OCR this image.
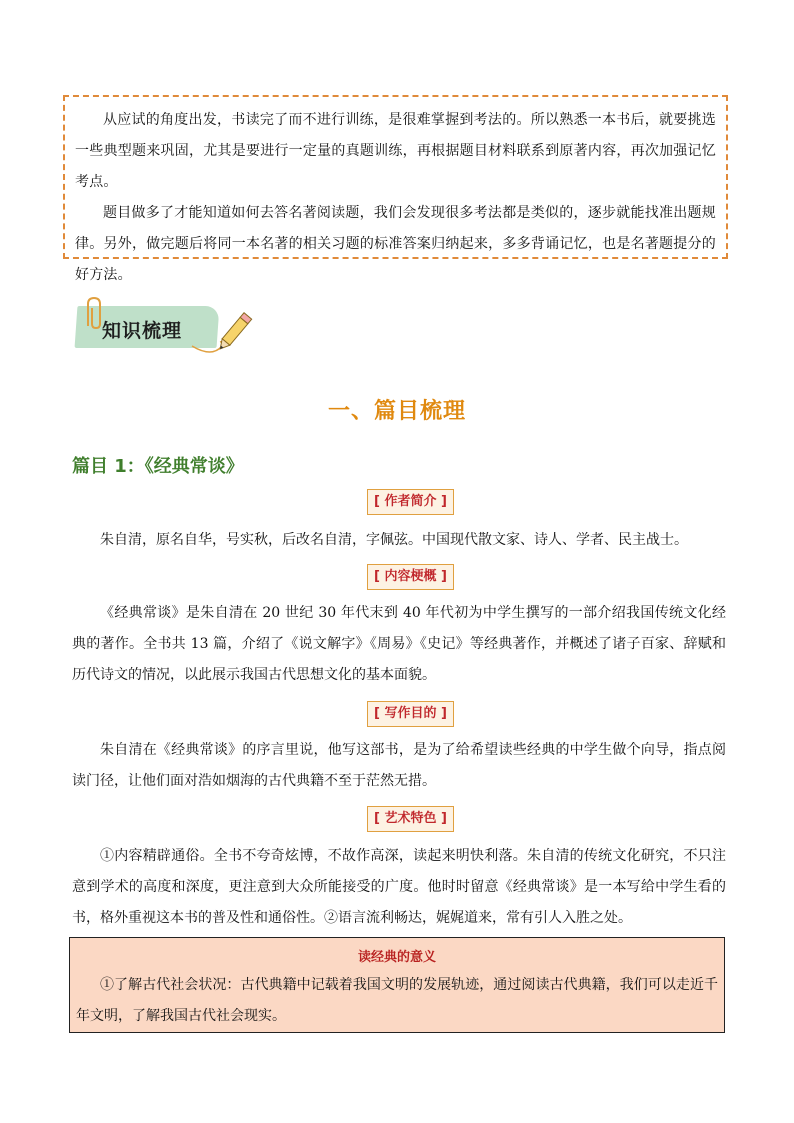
从应试的角度出发，书读完了而不进行训练，是很难掌握到考法的。所以熟悉一本书后，就要挑选一些典型题来巩固，尤其是要进行一定量的真题训练，再根据题目材料联系到原著内容，再次加强记忆考点。

题目做多了才能知道如何去答名著阅读题，我们会发现很多考法都是类似的，逐步就能找准出题规律。另外，做完题后将同一本名著的相关习题的标准答案归纳起来，多多背诵记忆，也是名著题提分的好方法。

知识梳理
一、篇目梳理
篇目 1：《经典常谈》
[ 作者简介 ]

朱自清，原名自华，号实秋，后改名自清，字佩弦。中国现代散文家、诗人、学者、民主战士。

[ 内容梗概 ]

《经典常谈》是朱自清在 20 世纪 30 年代末到 40 年代初为中学生撰写的一部介绍我国传统文化经典的著作。全书共 13 篇，介绍了《说文解字》《周易》《史记》等经典著作，并概述了诸子百家、辞赋和历代诗文的情况，以此展示我国古代思想文化的基本面貌。

[ 写作目的 ]

朱自清在《经典常谈》的序言里说，他写这部书，是为了给希望读些经典的中学生做个向导，指点阅读门径，让他们面对浩如烟海的古代典籍不至于茫然无措。

[ 艺术特色 ]

①内容精辟通俗。全书不夸奇炫博，不故作高深，读起来明快利落。朱自清的传统文化研究，不只注意到学术的高度和深度，更注意到大众所能接受的广度。他时时留意《经典常谈》是一本写给中学生看的书，格外重视这本书的普及性和通俗性。②语言流利畅达，娓娓道来，常有引人入胜之处。

读经典的意义

①了解古代社会状况：古代典籍中记载着我国文明的发展轨迹，通过阅读古代典籍，我们可以走近千年文明，了解我国古代社会现实。
